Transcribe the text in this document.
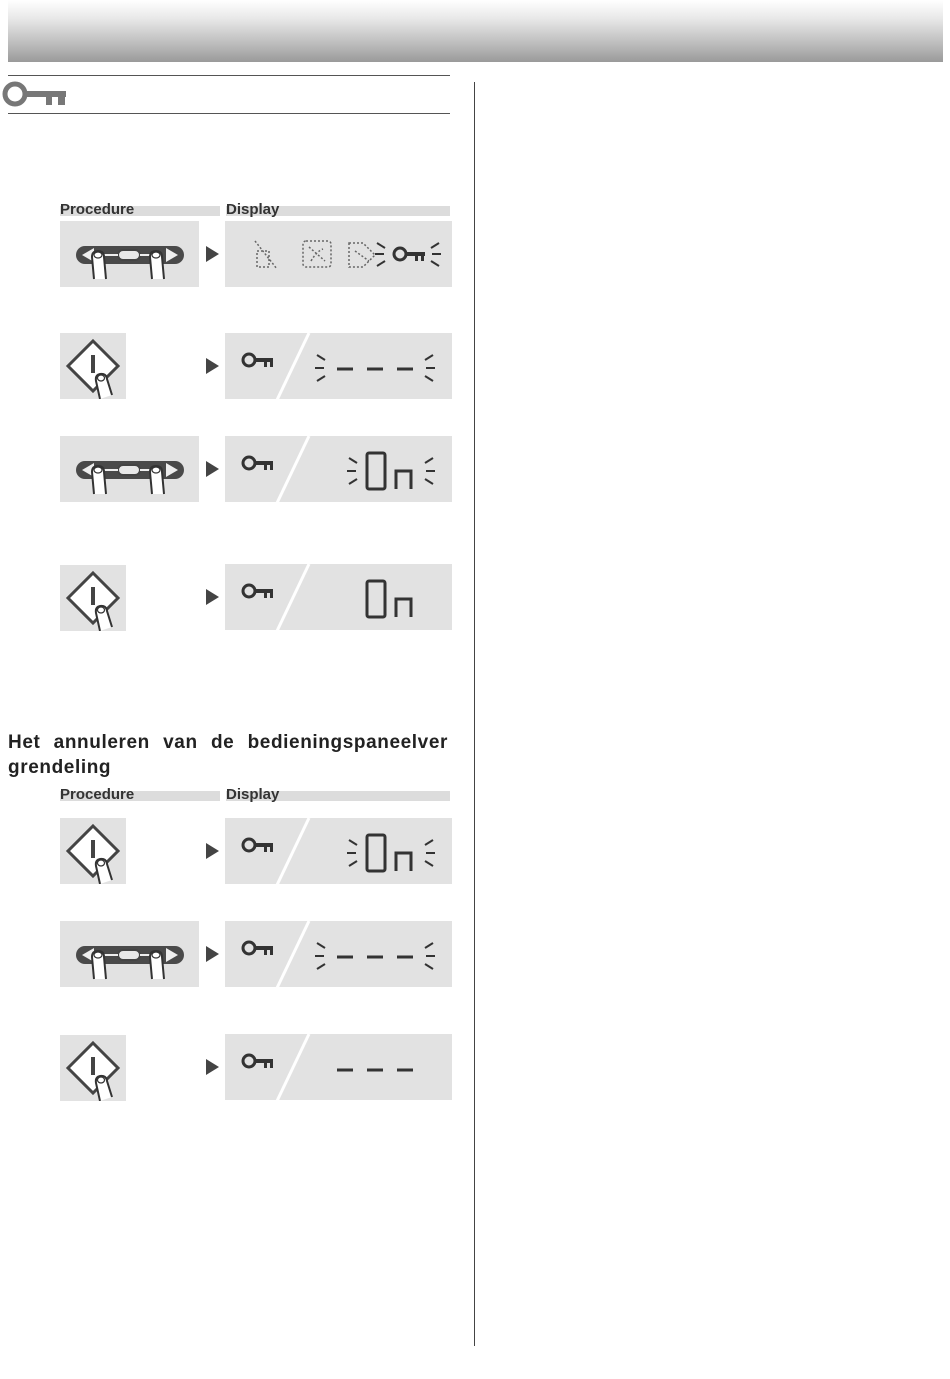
Procedure	Display
Het annuleren van de bedieningspaneelver grendeling
Procedure	Display
